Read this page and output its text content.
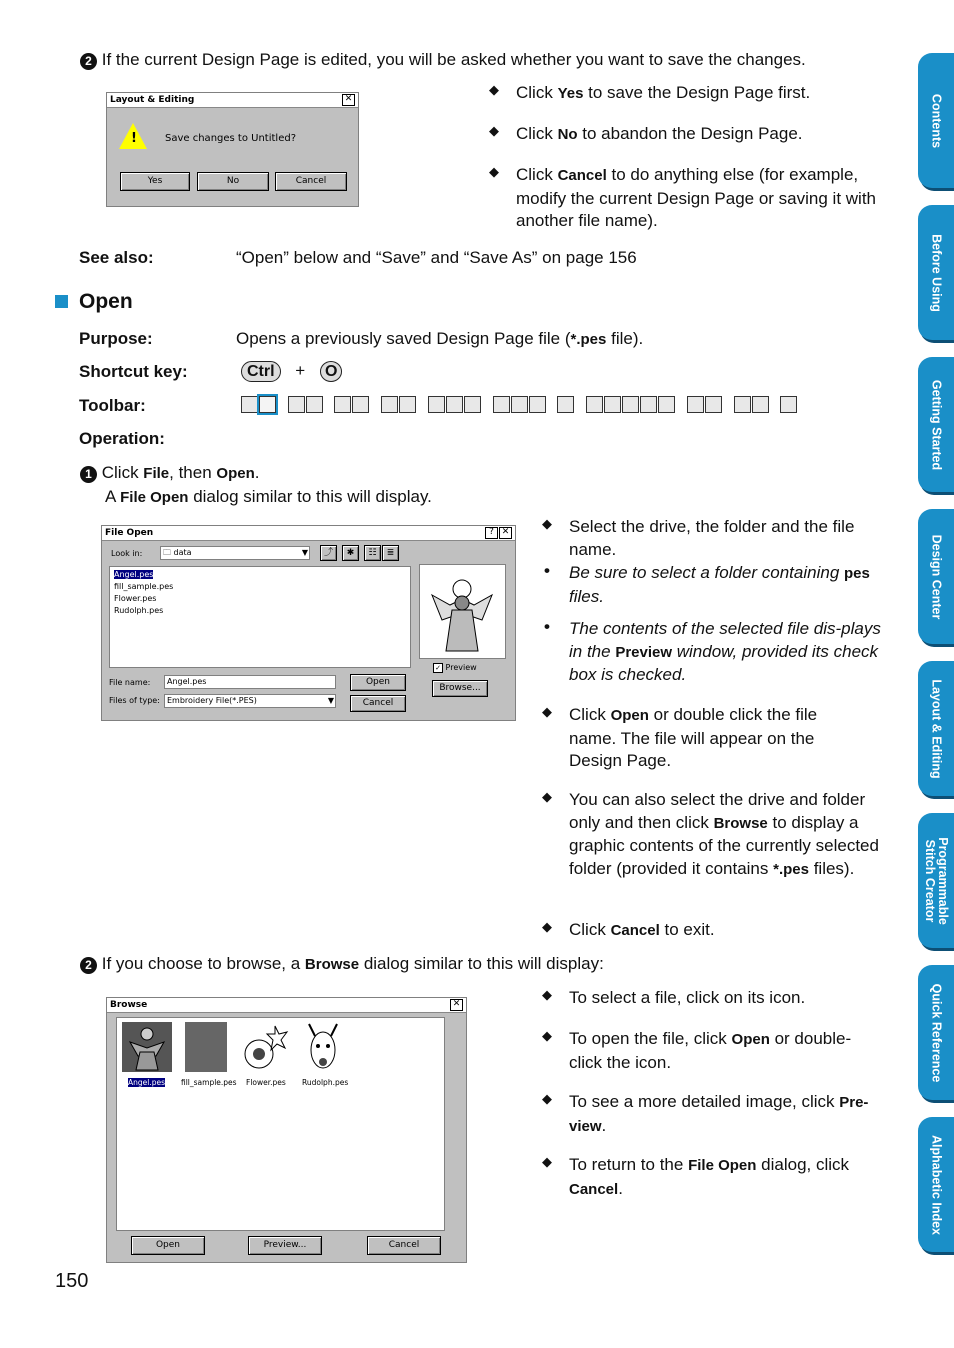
2 If the current Design Page is edited, you will be asked whether you want to save the changes.
Layout & Editing	✕
!	Save changes to Untitled?
Yes	No	Cancel
◆ Click Yes to save the Design Page first.
◆ Click No to abandon the Design Page.
◆ Click Cancel to do anything else (for example, modify the current Design Page or saving it with another file name).
See also:	“Open” below and “Save” and “Save As” on page 156
Open
Purpose:	Opens a previously saved Design Page file (*.pes file).
Shortcut key:	Ctrl + O
Toolbar:

Operation:
1 Click File, then Open.
A File Open dialog similar to this will display.
File Open	? ✕
Look in:	🗀 data	▼	⤴	✱	☷	≣
Angel.pes
fill_sample.pes
Flower.pes
Rudolph.pes
✓ Preview
File name:	Angel.pes
Files of type: Embroidery File(*.PES)	▼
Open
Cancel
Browse...
◆ Select the drive, the folder and the file name.
• Be sure to select a folder containing pes files.
• The contents of the selected file dis-plays in the Preview window, provided its check box is checked.
◆ Click Open or double click the file name. The file will appear on the Design Page.
◆ You can also select the drive and folder only and then click Browse to display a graphic contents of the currently selected folder (provided it contains *.pes files).
◆ Click Cancel to exit.
2 If you choose to browse, a Browse dialog similar to this will display:
Browse	✕
Angel.pes fill_sample.pes Flower.pes Rudolph.pes
Open	Preview...	Cancel
◆ To select a file, click on its icon.
◆ To open the file, click Open or double-click the icon.
◆ To see a more detailed image, click Pre-view.
◆ To return to the File Open dialog, click Cancel.
150
Contents
Before Using
Getting Started
Design Center
Layout & Editing
Programmable Stitch Creator
Quick Reference
Alphabetic Index
